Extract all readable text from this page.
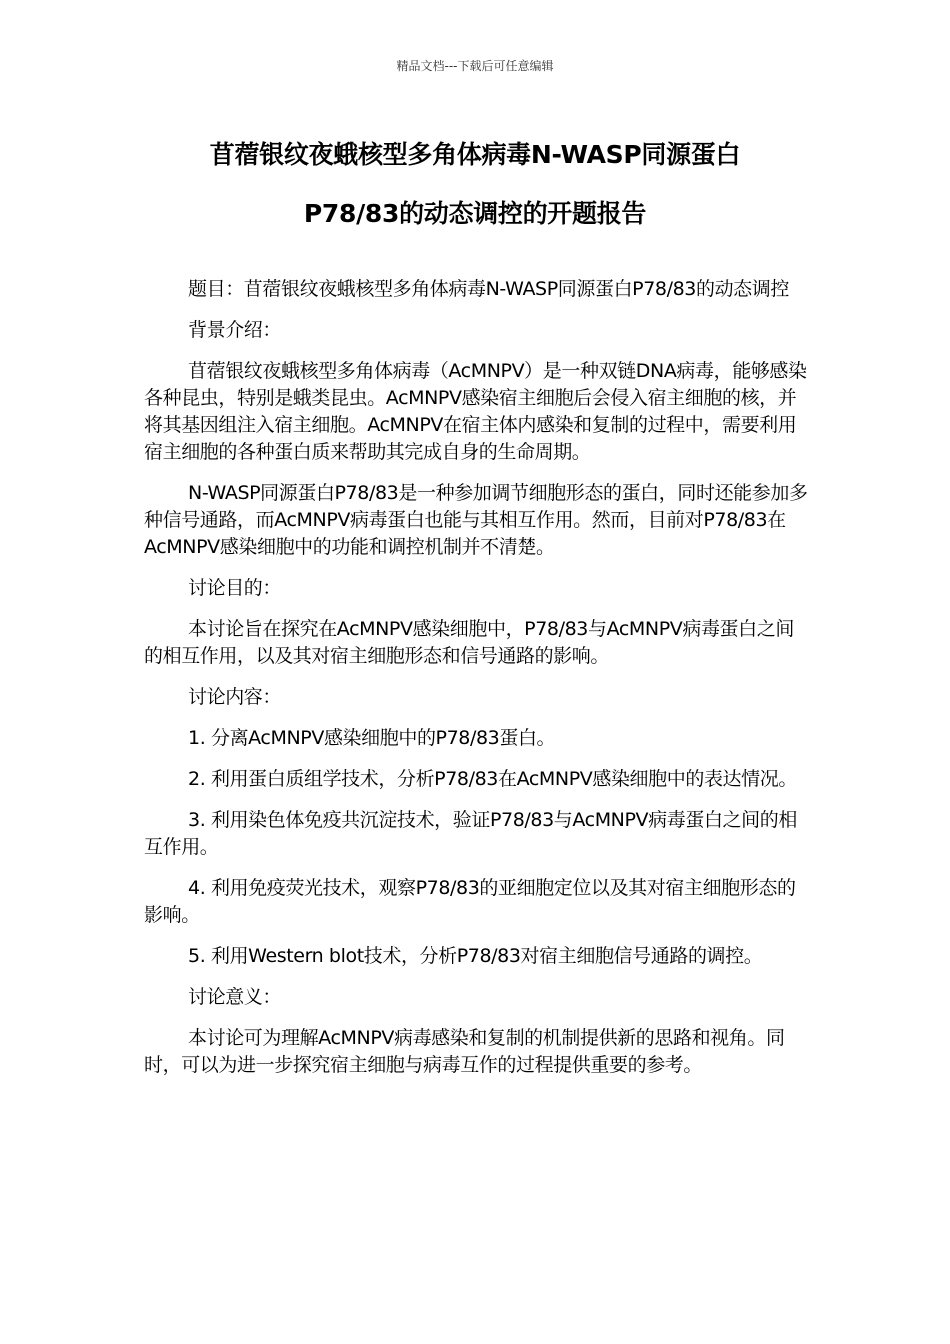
精品文档---下载后可任意编辑
苜蓿银纹夜蛾核型多角体病毒N-WASP同源蛋白
P78/83的动态调控的开题报告

题目：苜蓿银纹夜蛾核型多角体病毒N-WASP同源蛋白P78/83的动态调控

背景介绍：

苜蓿银纹夜蛾核型多角体病毒（AcMNPV）是一种双链DNA病毒，能够感染各种昆虫，特别是蛾类昆虫。AcMNPV感染宿主细胞后会侵入宿主细胞的核，并将其基因组注入宿主细胞。AcMNPV在宿主体内感染和复制的过程中，需要利用宿主细胞的各种蛋白质来帮助其完成自身的生命周期。

N-WASP同源蛋白P78/83是一种参加调节细胞形态的蛋白，同时还能参加多种信号通路，而AcMNPV病毒蛋白也能与其相互作用。然而，目前对P78/83在AcMNPV感染细胞中的功能和调控机制并不清楚。

讨论目的：

本讨论旨在探究在AcMNPV感染细胞中，P78/83与AcMNPV病毒蛋白之间的相互作用，以及其对宿主细胞形态和信号通路的影响。

讨论内容：

1. 分离AcMNPV感染细胞中的P78/83蛋白。

2. 利用蛋白质组学技术，分析P78/83在AcMNPV感染细胞中的表达情况。

3. 利用染色体免疫共沉淀技术，验证P78/83与AcMNPV病毒蛋白之间的相互作用。

4. 利用免疫荧光技术，观察P78/83的亚细胞定位以及其对宿主细胞形态的影响。

5. 利用Western blot技术，分析P78/83对宿主细胞信号通路的调控。

讨论意义：

本讨论可为理解AcMNPV病毒感染和复制的机制提供新的思路和视角。同时，可以为进一步探究宿主细胞与病毒互作的过程提供重要的参考。
